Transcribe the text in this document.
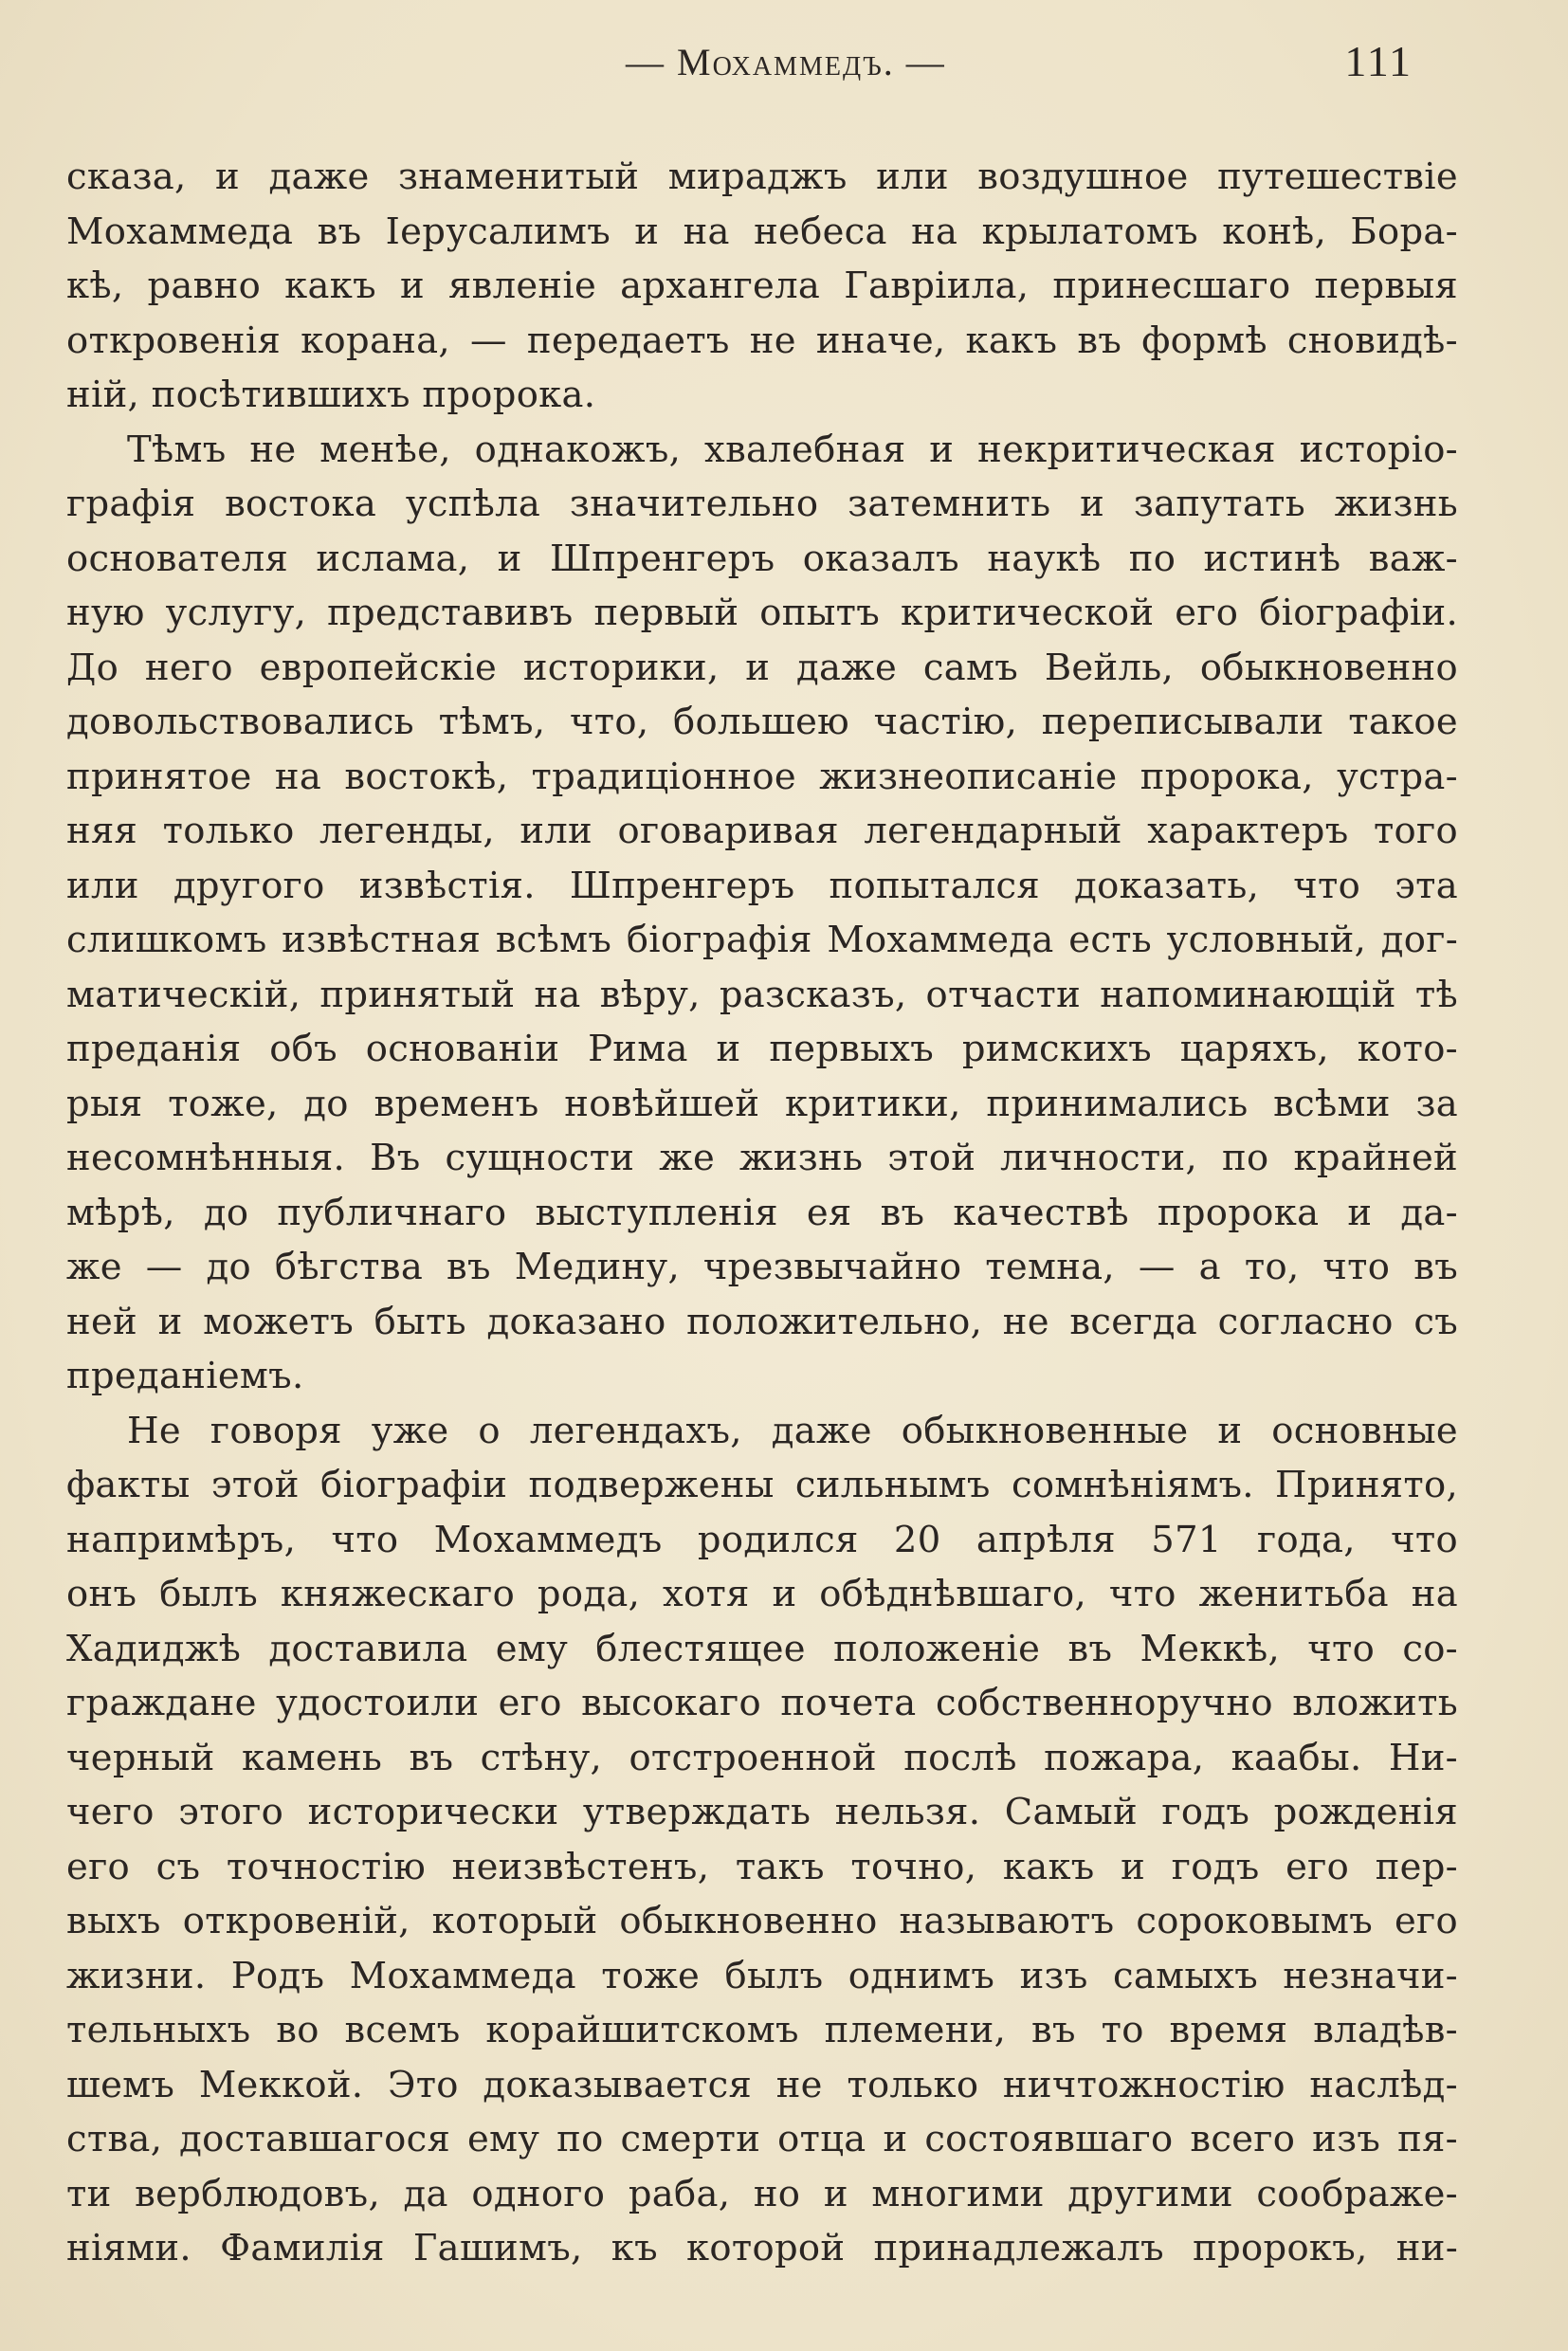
— Мохаммедъ. —	111
сказа, и даже знаменитый мираджъ или воздушное путешествіе
Мохаммеда въ Іерусалимъ и на небеса на крылатомъ конѣ, Бора-
кѣ, равно какъ и явленіе архангела Гавріила, принесшаго первыя
откровенія корана, — передаетъ не иначе, какъ въ формѣ сновидѣ-
ній, посѣтившихъ пророка.
Тѣмъ не менѣе, однакожъ, хвалебная и некритическая исторіо-
графія востока успѣла значительно затемнить и запутать жизнь
основателя ислама, и Шпренгеръ оказалъ наукѣ по истинѣ важ-
ную услугу, представивъ первый опытъ критической его біографіи.
До него европейскіе историки, и даже самъ Вейль, обыкновенно
довольствовались тѣмъ, что, большею частію, переписывали такое
принятое на востокѣ, традиціонное жизнеописаніе пророка, устра-
няя только легенды, или оговаривая легендарный характеръ того
или другого извѣстія. Шпренгеръ попытался доказать, что эта
слишкомъ извѣстная всѣмъ біографія Мохаммеда есть условный, дог-
матическій, принятый на вѣру, разсказъ, отчасти напоминающій тѣ
преданія объ основаніи Рима и первыхъ римскихъ царяхъ, кото-
рыя тоже, до временъ новѣйшей критики, принимались всѣми за
несомнѣнныя. Въ сущности же жизнь этой личности, по крайней
мѣрѣ, до публичнаго выступленія ея въ качествѣ пророка и да-
же — до бѣгства въ Медину, чрезвычайно темна, — а то, что въ
ней и можетъ быть доказано положительно, не всегда согласно съ
преданіемъ.
Не говоря уже о легендахъ, даже обыкновенные и основные
факты этой біографіи подвержены сильнымъ сомнѣніямъ. Принято,
напримѣръ, что Мохаммедъ родился 20 апрѣля 571 года, что
онъ былъ княжескаго рода, хотя и обѣднѣвшаго, что женитьба на
Хадиджѣ доставила ему блестящее положеніе въ Меккѣ, что со-
граждане удостоили его высокаго почета собственноручно вложить
черный камень въ стѣну, отстроенной послѣ пожара, каабы. Ни-
чего этого исторически утверждать нельзя. Самый годъ рожденія
его съ точностію неизвѣстенъ, такъ точно, какъ и годъ его пер-
выхъ откровеній, который обыкновенно называютъ сороковымъ его
жизни. Родъ Мохаммеда тоже былъ однимъ изъ самыхъ незначи-
тельныхъ во всемъ корайшитскомъ племени, въ то время владѣв-
шемъ Меккой. Это доказывается не только ничтожностію наслѣд-
ства, доставшагося ему по смерти отца и состоявшаго всего изъ пя-
ти верблюдовъ, да одного раба, но и многими другими соображе-
ніями. Фамилія Гашимъ, къ которой принадлежалъ пророкъ, ни-
